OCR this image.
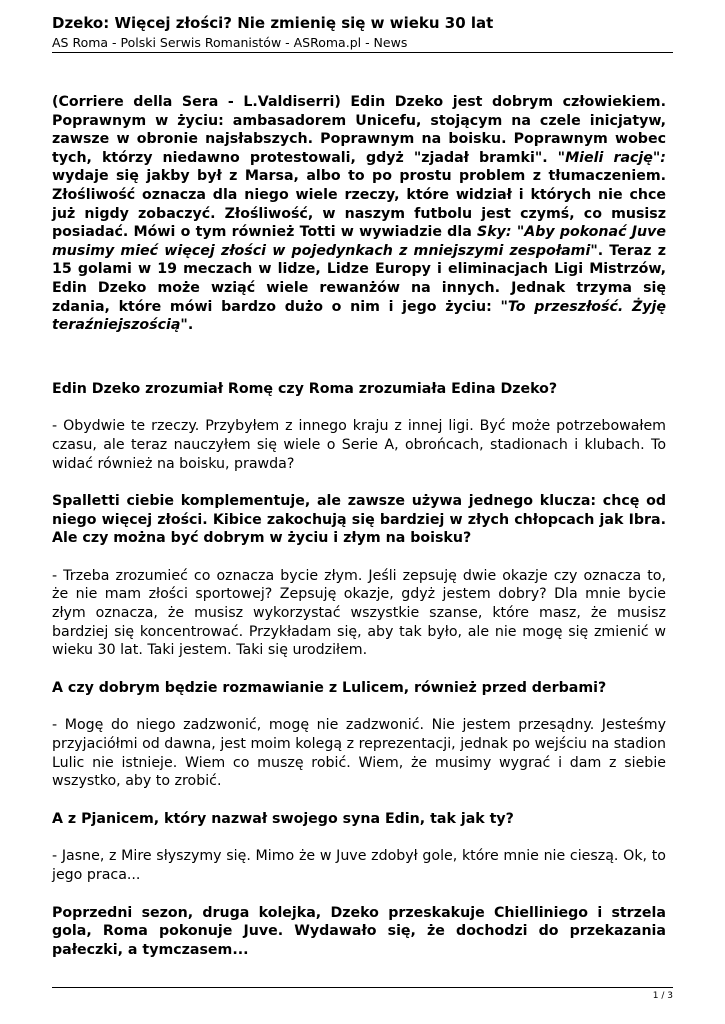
Dzeko: Więcej złości? Nie zmienię się w wieku 30 lat

AS Roma - Polski Serwis Romanistów - ASRoma.pl - News

(Corriere della Sera - L.Valdiserri) Edin Dzeko jest dobrym człowiekiem. Poprawnym w życiu: ambasadorem Unicefu, stojącym na czele inicjatyw, zawsze w obronie najsłabszych. Poprawnym na boisku. Poprawnym wobec tych, którzy niedawno protestowali, gdyż "zjadał bramki". "Mieli rację": wydaje się jakby był z Marsa, albo to po prostu problem z tłumaczeniem. Złośliwość oznacza dla niego wiele rzeczy, które widział i których nie chce już nigdy zobaczyć. Złośliwość, w naszym futbolu jest czymś, co musisz posiadać. Mówi o tym również Totti w wywiadzie dla Sky: "Aby pokonać Juve musimy mieć więcej złości w pojedynkach z mniejszymi zespołami". Teraz z 15 golami w 19 meczach w lidze, Lidze Europy i eliminacjach Ligi Mistrzów, Edin Dzeko może wziąć wiele rewanżów na innych. Jednak trzyma się zdania, które mówi bardzo dużo o nim i jego życiu: "To przeszłość. Żyję teraźniejszością".

Edin Dzeko zrozumiał Romę czy Roma zrozumiała Edina Dzeko?

- Obydwie te rzeczy. Przybyłem z innego kraju z innej ligi. Być może potrzebowałem czasu, ale teraz nauczyłem się wiele o Serie A, obrońcach, stadionach i klubach. To widać również na boisku, prawda?

Spalletti ciebie komplementuje, ale zawsze używa jednego klucza: chcę od niego więcej złości. Kibice zakochują się bardziej w złych chłopcach jak Ibra. Ale czy można być dobrym w życiu i złym na boisku?

- Trzeba zrozumieć co oznacza bycie złym. Jeśli zepsuję dwie okazje czy oznacza to, że nie mam złości sportowej? Zepsuję okazje, gdyż jestem dobry? Dla mnie bycie złym oznacza, że musisz wykorzystać wszystkie szanse, które masz, że musisz bardziej się koncentrować. Przykładam się, aby tak było, ale nie mogę się zmienić w wieku 30 lat. Taki jestem. Taki się urodziłem.

A czy dobrym będzie rozmawianie z Lulicem, również przed derbami?

- Mogę do niego zadzwonić, mogę nie zadzwonić. Nie jestem przesądny. Jesteśmy przyjaciółmi od dawna, jest moim kolegą z reprezentacji, jednak po wejściu na stadion Lulic nie istnieje. Wiem co muszę robić. Wiem, że musimy wygrać i dam z siebie wszystko, aby to zrobić.

A z Pjanicem, który nazwał swojego syna Edin, tak jak ty?

- Jasne, z Mire słyszymy się. Mimo że w Juve zdobył gole, które mnie nie cieszą. Ok, to jego praca...

Poprzedni sezon, druga kolejka, Dzeko przeskakuje Chielliniego i strzela gola, Roma pokonuje Juve. Wydawało się, że dochodzi do przekazania pałeczki, a tymczasem...

1 / 3
